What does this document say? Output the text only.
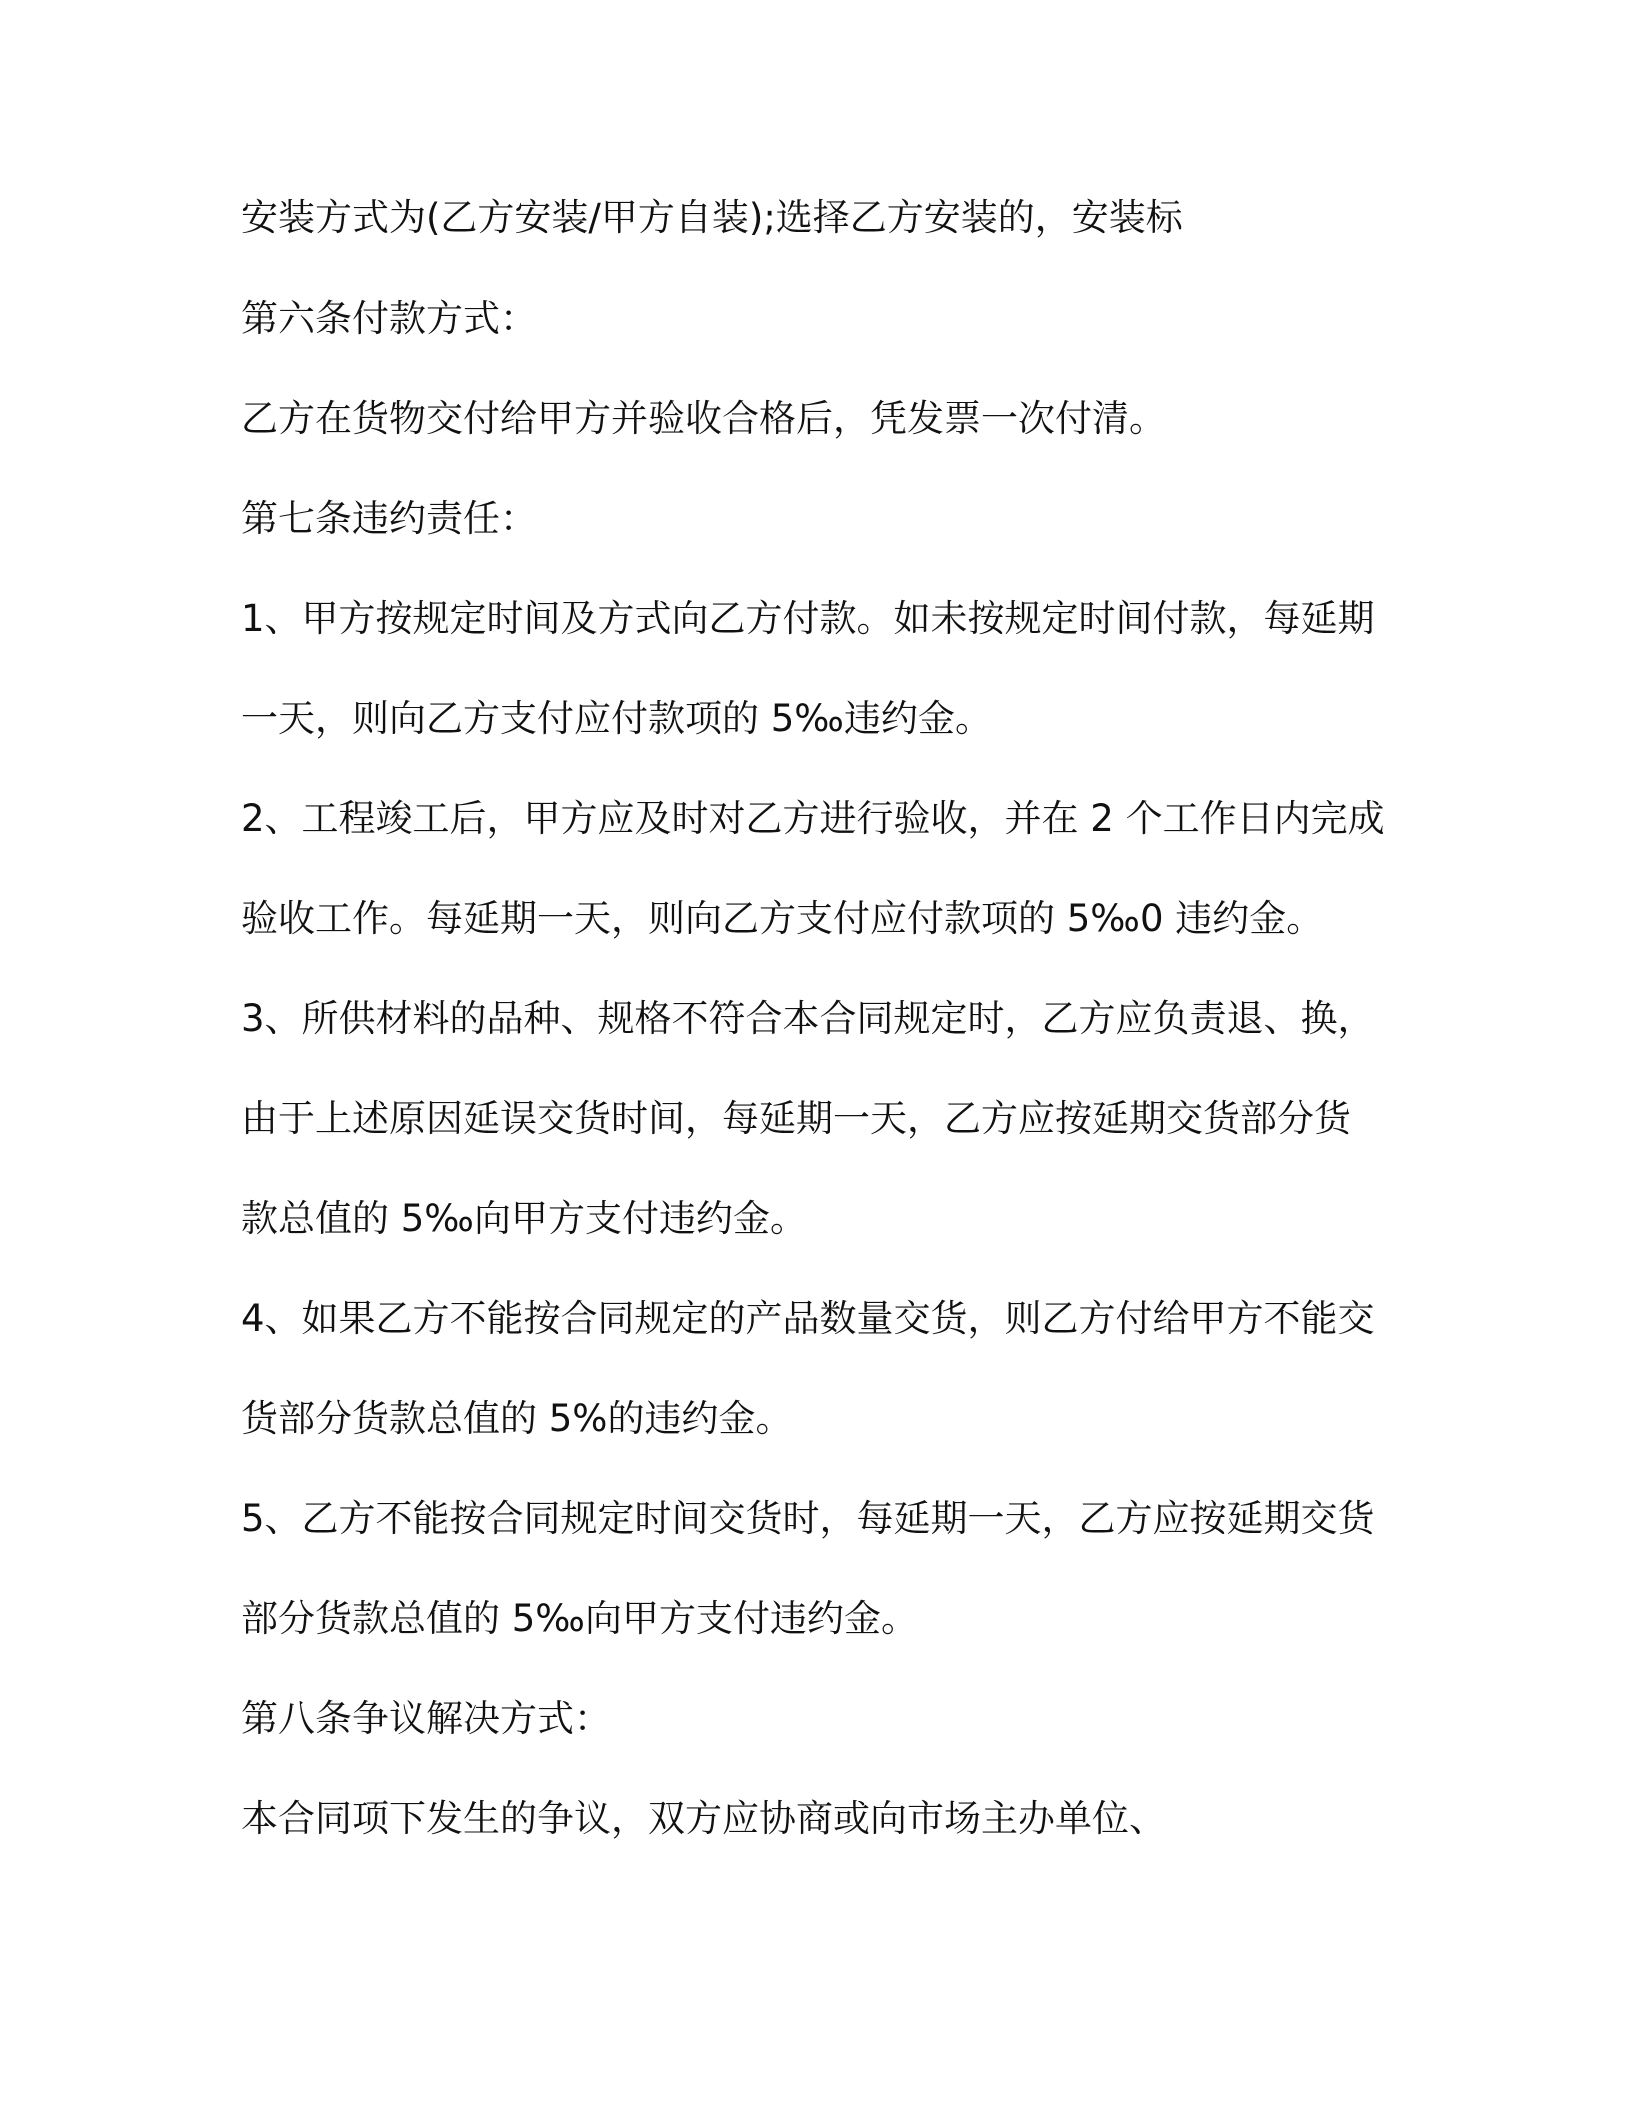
安装方式为(乙方安装/甲方自装);选择乙方安装的，安装标
第六条付款方式：
乙方在货物交付给甲方并验收合格后，凭发票一次付清。
第七条违约责任：
1、甲方按规定时间及方式向乙方付款。如未按规定时间付款，每延期
一天，则向乙方支付应付款项的 5‰违约金。
2、工程竣工后，甲方应及时对乙方进行验收，并在 2 个工作日内完成
验收工作。每延期一天，则向乙方支付应付款项的 5‰0 违约金。
3、所供材料的品种、规格不符合本合同规定时，乙方应负责退、换，
由于上述原因延误交货时间，每延期一天，乙方应按延期交货部分货
款总值的 5‰向甲方支付违约金。
4、如果乙方不能按合同规定的产品数量交货，则乙方付给甲方不能交
货部分货款总值的 5%的违约金。
5、乙方不能按合同规定时间交货时，每延期一天，乙方应按延期交货
部分货款总值的 5‰向甲方支付违约金。
第八条争议解决方式：
本合同项下发生的争议，双方应协商或向市场主办单位、
